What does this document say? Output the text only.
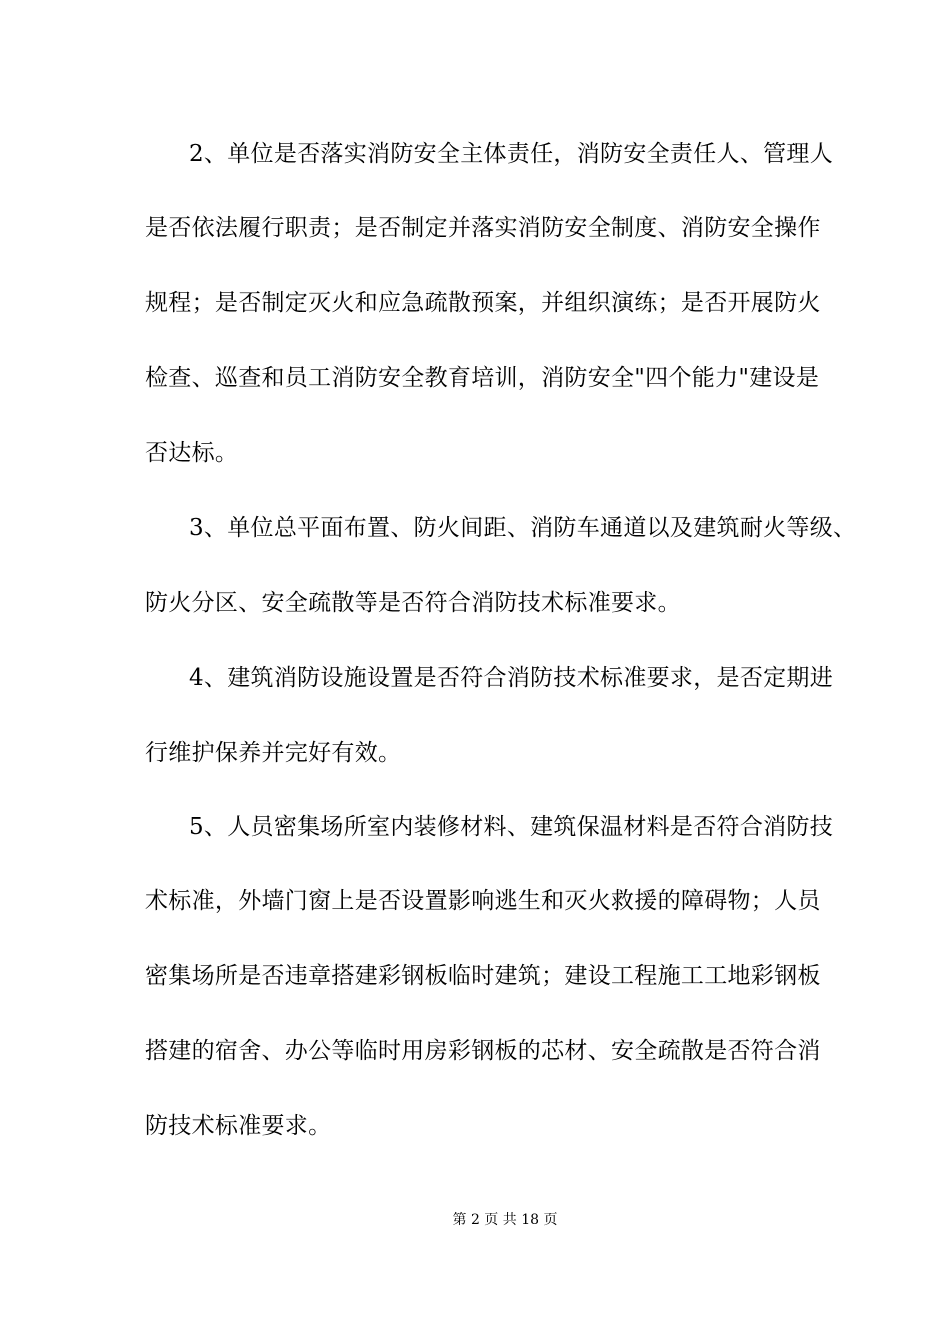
2、单位是否落实消防安全主体责任，消防安全责任人、管理人
是否依法履行职责；是否制定并落实消防安全制度、消防安全操作
规程；是否制定灭火和应急疏散预案，并组织演练；是否开展防火
检查、巡查和员工消防安全教育培训，消防安全"四个能力"建设是
否达标。
3、单位总平面布置、防火间距、消防车通道以及建筑耐火等级、
防火分区、安全疏散等是否符合消防技术标准要求。
4、建筑消防设施设置是否符合消防技术标准要求，是否定期进
行维护保养并完好有效。
5、人员密集场所室内装修材料、建筑保温材料是否符合消防技
术标准，外墙门窗上是否设置影响逃生和灭火救援的障碍物；人员
密集场所是否违章搭建彩钢板临时建筑；建设工程施工工地彩钢板
搭建的宿舍、办公等临时用房彩钢板的芯材、安全疏散是否符合消
防技术标准要求。
第 2 页 共 18 页
